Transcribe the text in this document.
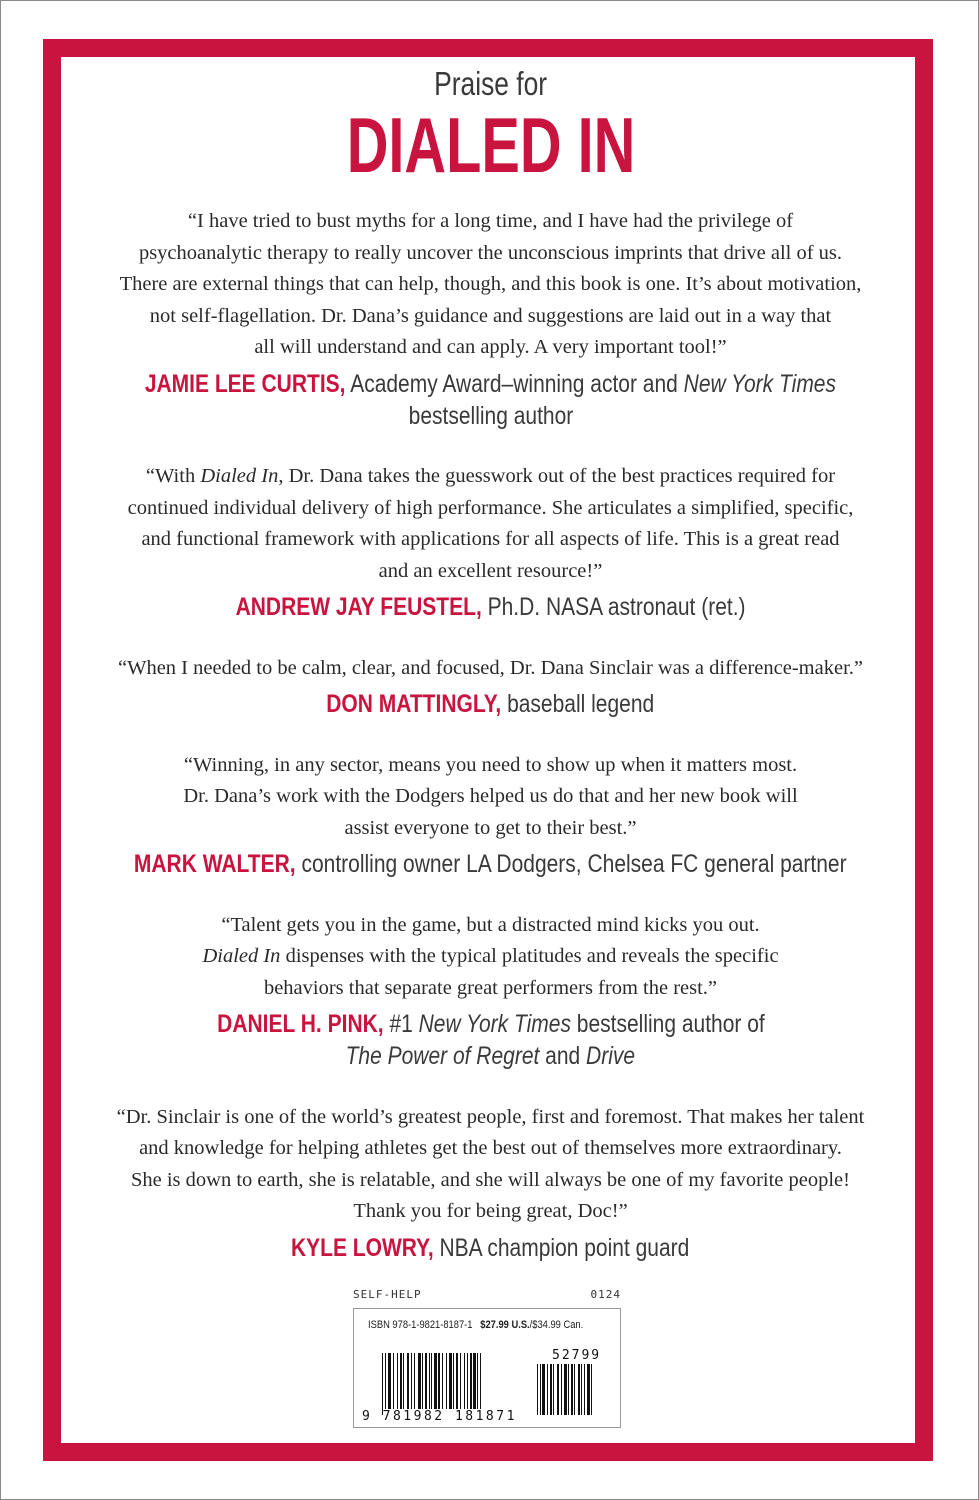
Praise for
DIALED IN
“I have tried to bust myths for a long time, and I have had the privilege of
psychoanalytic therapy to really uncover the unconscious imprints that drive all of us.
There are external things that can help, though, and this book is one. It’s about motivation,
not self-flagellation. Dr. Dana’s guidance and suggestions are laid out in a way that
all will understand and can apply. A very important tool!”
JAMIE LEE CURTIS, Academy Award–winning actor and New York Times
bestselling author
“With Dialed In, Dr. Dana takes the guesswork out of the best practices required for
continued individual delivery of high performance. She articulates a simplified, specific,
and functional framework with applications for all aspects of life. This is a great read
and an excellent resource!”
ANDREW JAY FEUSTEL, Ph.D. NASA astronaut (ret.)
“When I needed to be calm, clear, and focused, Dr. Dana Sinclair was a difference-maker.”
DON MATTINGLY, baseball legend
“Winning, in any sector, means you need to show up when it matters most.
Dr. Dana’s work with the Dodgers helped us do that and her new book will
assist everyone to get to their best.”
MARK WALTER, controlling owner LA Dodgers, Chelsea FC general partner
“Talent gets you in the game, but a distracted mind kicks you out.
Dialed In dispenses with the typical platitudes and reveals the specific
behaviors that separate great performers from the rest.”
DANIEL H. PINK, #1 New York Times bestselling author of
The Power of Regret and Drive
“Dr. Sinclair is one of the world’s greatest people, first and foremost. That makes her talent
and knowledge for helping athletes get the best out of themselves more extraordinary.
She is down to earth, she is relatable, and she will always be one of my favorite people!
Thank you for being great, Doc!”
KYLE LOWRY, NBA champion point guard
SELF-HELP	0124
ISBN 978-1-9821-8187-1 $27.99 U.S./$34.99 Can.
9 781982 181871
52799
